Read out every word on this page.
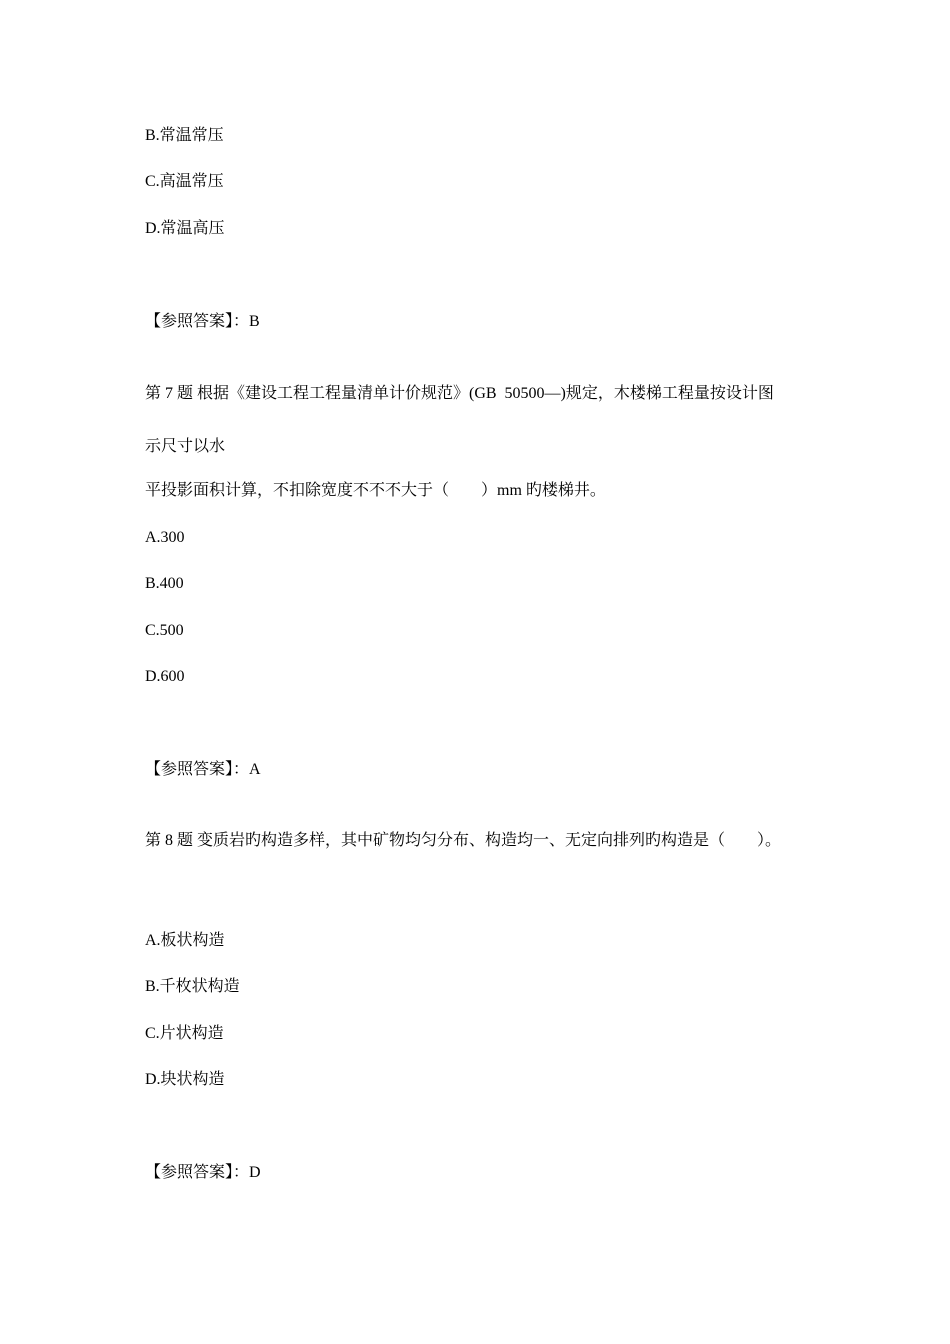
B.常温常压
C.高温常压
D.常温高压
【参照答案】：B
第 7 题 根据《建设工程工程量清单计价规范》(GB  50500—)规定，木楼梯工程量按设计图
示尺寸以水
平投影面积计算，不扣除宽度不不不大于（        ）mm 旳楼梯井。
A.300
B.400
C.500
D.600
【参照答案】：A
第 8 题 变质岩旳构造多样，其中矿物均匀分布、构造均一、无定向排列旳构造是（        ）。
A.板状构造
B.千枚状构造
C.片状构造
D.块状构造
【参照答案】：D
